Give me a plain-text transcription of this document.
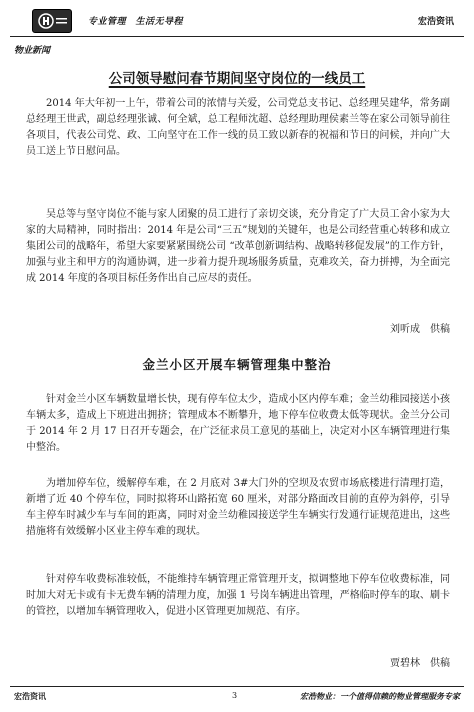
专业管理　生活无导程	宏浩资讯
物业新闻
公司领导慰问春节期间坚守岗位的一线员工

2014 年大年初一上午，带着公司的浓情与关爱，公司党总支书记、总经理吴建华，常务副总经理王世武，副总经理张诚、何全斌，总工程师沈超、总经理助理侯素兰等在家公司领导前往各项目，代表公司党、政、工向坚守在工作一线的员工致以新春的祝福和节日的问候，并向广大员工送上节日慰问品。

吴总等与坚守岗位不能与家人团聚的员工进行了亲切交谈，充分肯定了广大员工舍小家为大家的大局精神，同时指出：2014 年是公司“三五”规划的关键年，也是公司经营重心转移和成立集团公司的战略年，希望大家要紧紧围绕公司 “改革创新调结构、战略转移促发展”的工作方针，加强与业主和甲方的沟通协调，进一步着力提升现场服务质量，克难攻关，奋力拼搏，为全面完成 2014 年度的各项目标任务作出自己应尽的责任。

刘听成　供稿
金兰小区开展车辆管理集中整治

针对金兰小区车辆数量增长快，现有停车位太少，造成小区内停车难；金兰幼稚园接送小孩车辆太多，造成上下班进出拥挤；管理成本不断攀升，地下停车位收费太低等现状。金兰分公司于 2014 年 2 月 17 日召开专题会，在广泛征求员工意见的基础上，决定对小区车辆管理进行集中整治。

为增加停车位，缓解停车难，在 2 月底对 3#大门外的空坝及农贸市场底楼进行清理打造，新增了近 40 个停车位，同时拟将环山路拓宽 60 厘米，对部分路面改目前的直停为斜停，引导车主停车时减少车与车间的距离，同时对金兰幼稚园接送学生车辆实行发通行证规范进出，这些措施将有效缓解小区业主停车难的现状。

针对停车收费标准较低，不能维持车辆管理正常管理开支，拟调整地下停车位收费标准，同时加大对无卡或有卡无费车辆的清理力度，加强 1 号岗车辆进出管理，严格临时停车的取、刷卡的管控，以增加车辆管理收入，促进小区管理更加规范、有序。

贾碧林　供稿
宏浩资讯	3	宏浩物业：一个值得信赖的物业管理服务专家
